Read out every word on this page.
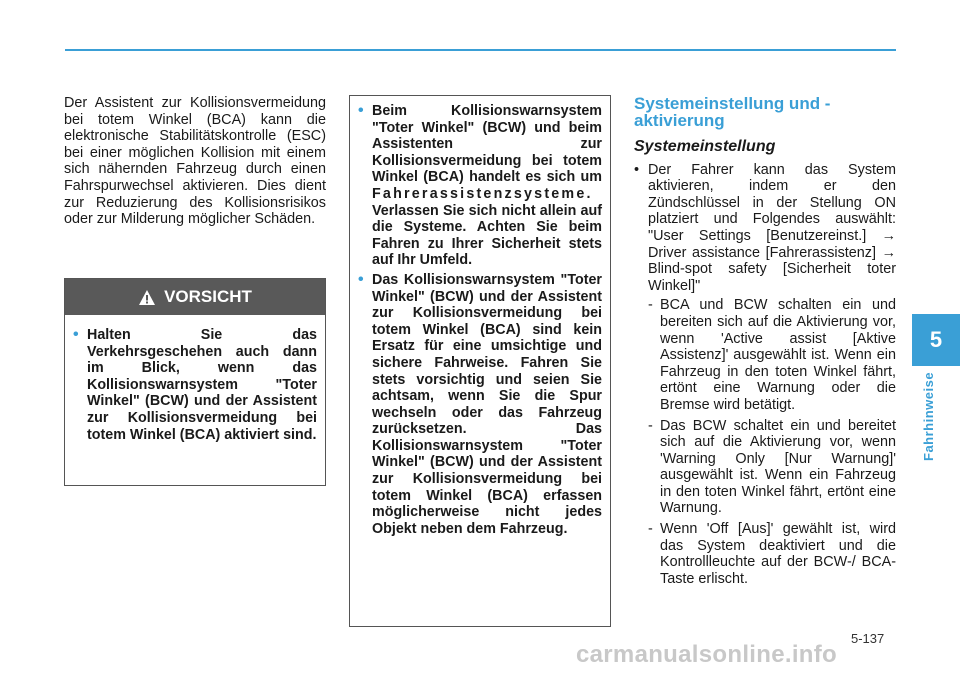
Der Assistent zur Kollisionsvermeidung bei totem Winkel (BCA) kann die elektronische Stabilitätskontrolle (ESC) bei einer möglichen Kollision mit einem sich nähernden Fahrzeug durch einen Fahrspurwechsel aktivieren. Dies dient zur Reduzierung des Kollisionsrisikos oder zur Milderung möglicher Schäden.
VORSICHT
• Halten Sie das Verkehrsgeschehen auch dann im Blick, wenn das Kollisionswarnsystem "Toter Winkel" (BCW) und der Assistent zur Kollisionsvermeidung bei totem Winkel (BCA) aktiviert sind.
• Beim Kollisionswarnsystem "Toter Winkel" (BCW) und beim Assistenten zur Kollisionsvermeidung bei totem Winkel (BCA) handelt es sich um Fahrerassistenzsysteme. Verlassen Sie sich nicht allein auf die Systeme. Achten Sie beim Fahren zu Ihrer Sicherheit stets auf Ihr Umfeld.
• Das Kollisionswarnsystem "Toter Winkel" (BCW) und der Assistent zur Kollisionsvermeidung bei totem Winkel (BCA) sind kein Ersatz für eine umsichtige und sichere Fahrweise. Fahren Sie stets vorsichtig und seien Sie achtsam, wenn Sie die Spur wechseln oder das Fahrzeug zurücksetzen. Das Kollisionswarnsystem "Toter Winkel" (BCW) und der Assistent zur Kollisionsvermeidung bei totem Winkel (BCA) erfassen möglicherweise nicht jedes Objekt neben dem Fahrzeug.
Systemeinstellung und -aktivierung
Systemeinstellung
• Der Fahrer kann das System aktivieren, indem er den Zündschlüssel in der Stellung ON platziert und Folgendes auswählt: "User Settings [Benutzereinst.] → Driver assistance [Fahrerassistenz] → Blind-spot safety [Sicherheit toter Winkel]"
- BCA und BCW schalten ein und bereiten sich auf die Aktivierung vor, wenn 'Active assist [Aktive Assistenz]' ausgewählt ist. Wenn ein Fahrzeug in den toten Winkel fährt, ertönt eine Warnung oder die Bremse wird betätigt.
- Das BCW schaltet ein und bereitet sich auf die Aktivierung vor, wenn 'Warning Only [Nur Warnung]' ausgewählt ist. Wenn ein Fahrzeug in den toten Winkel fährt, ertönt eine Warnung.
- Wenn 'Off [Aus]' gewählt ist, wird das System deaktiviert und die Kontrollleuchte auf der BCW-/ BCA-Taste erlischt.
5
Fahrhinweise
5-137
carmanualsonline.info
